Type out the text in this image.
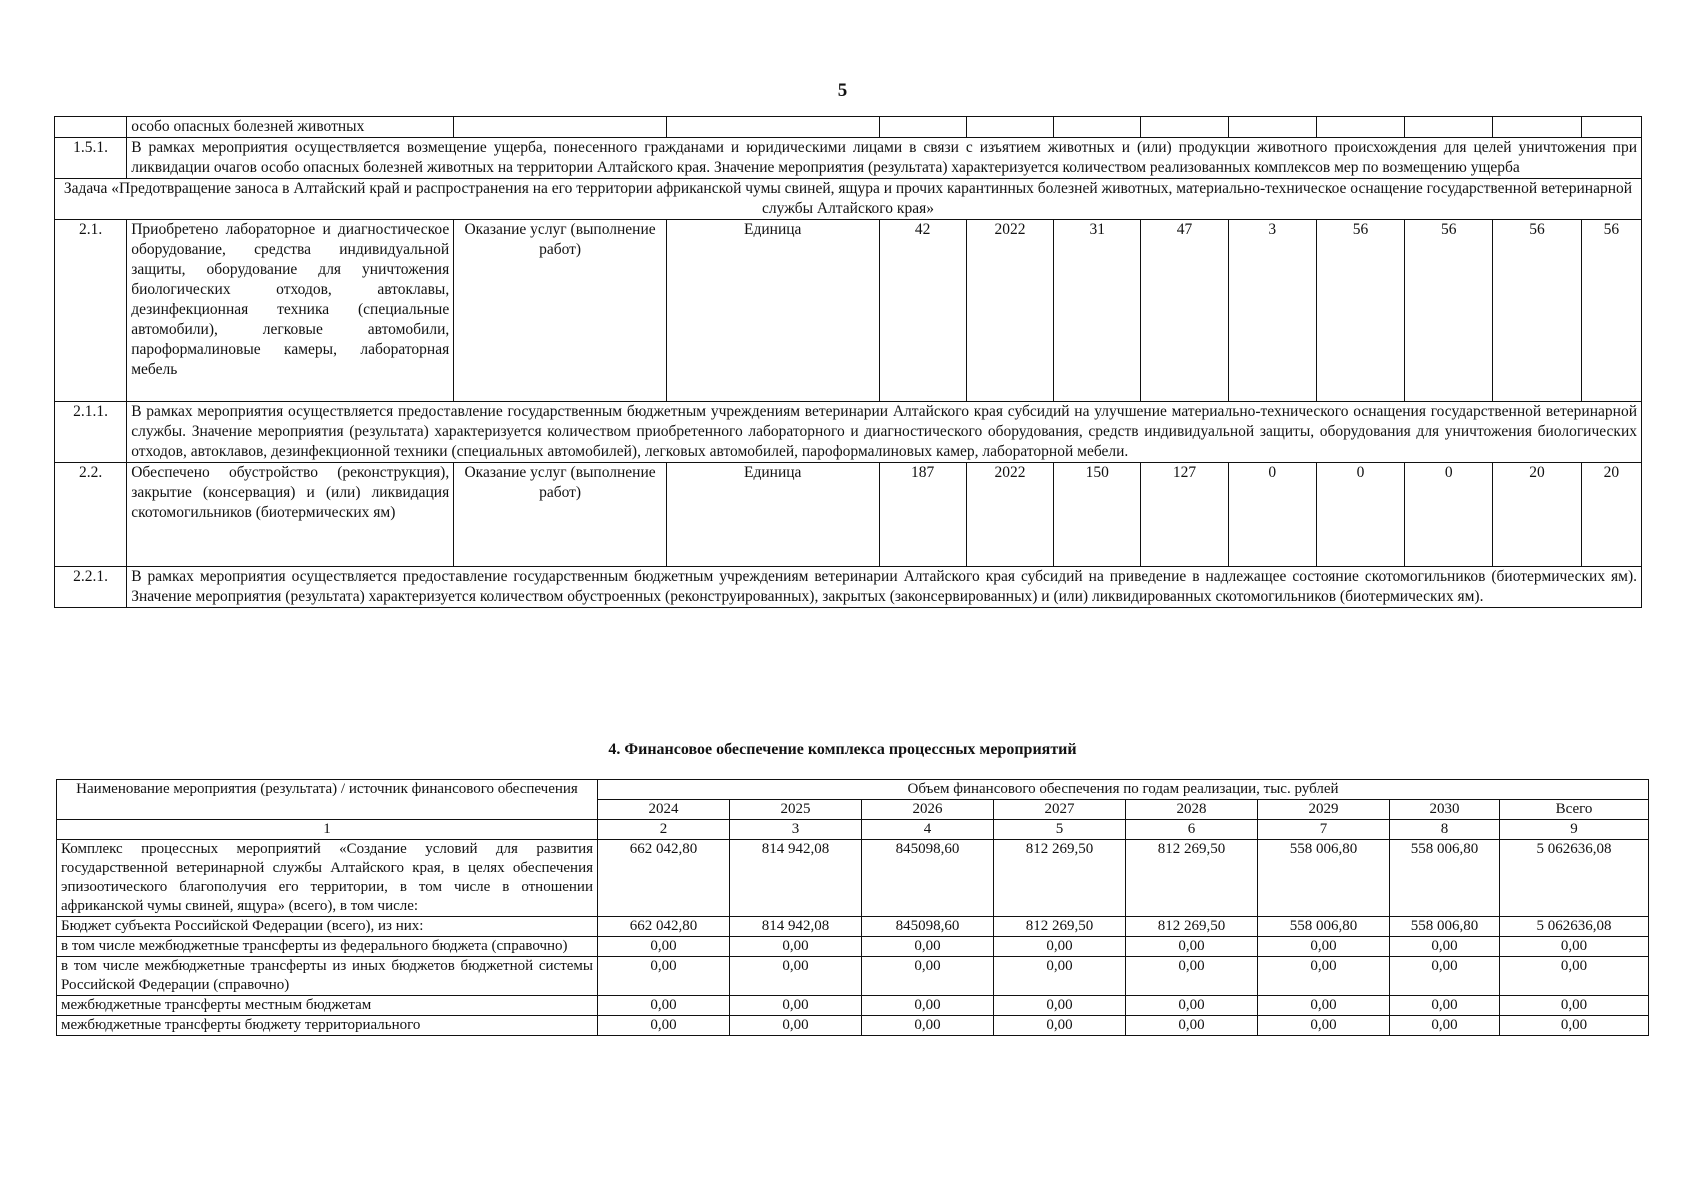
5
	особо опасных болезней животных											
1.5.1.	В рамках мероприятия осуществляется возмещение ущерба, понесенного гражданами и юридическими лицами в связи с изъятием животных и (или) продукции животного происхождения для целей уничтожения при ликвидации очагов особо опасных болезней животных на территории Алтайского края. Значение мероприятия (результата) характеризуется количеством реализованных комплексов мер по возмещению ущерба											
Задача «Предотвращение заноса в Алтайский край и распространения на его территории африканской чумы свиней, ящура и прочих карантинных болезней животных, материально-техническое оснащение государственной ветеринарной службы Алтайского края»												
2.1.	Приобретено лабораторное и диагностическое оборудование, средства индивидуальной защиты, оборудование для уничтожения биологических отходов, автоклавы, дезинфекционная техника (специальные автомобили), легковые автомобили, пароформалиновые камеры, лабораторная мебель	Оказание услуг (выполнение работ)	Единица	42	2022	31	47	3	56	56	56	56
2.1.1.	В рамках мероприятия осуществляется предоставление государственным бюджетным учреждениям ветеринарии Алтайского края субсидий на улучшение материально-технического оснащения государственной ветеринарной службы. Значение мероприятия (результата) характеризуется количеством приобретенного лабораторного и диагностического оборудования, средств индивидуальной защиты, оборудования для уничтожения биологических отходов, автоклавов, дезинфекционной техники (специальных автомобилей), легковых автомобилей, пароформалиновых камер, лабораторной мебели.											
2.2.	Обеспечено обустройство (реконструкция), закрытие (консервация) и (или) ликвидация скотомогильников (биотермических ям)	Оказание услуг (выполнение работ)	Единица	187	2022	150	127	0	0	0	20	20
2.2.1.	В рамках мероприятия осуществляется предоставление государственным бюджетным учреждениям ветеринарии Алтайского края субсидий на приведение в надлежащее состояние скотомогильников (биотермических ям). Значение мероприятия (результата) характеризуется количеством обустроенных (реконструированных), закрытых (законсервированных) и (или) ликвидированных скотомогильников (биотермических ям).											
4. Финансовое обеспечение комплекса процессных мероприятий
Наименование мероприятия (результата) / источник финансового обеспечения	Объем финансового обеспечения по годам реализации, тыс. рублей							
	2024	2025	2026	2027	2028	2029	2030	Всего
1	2	3	4	5	6	7	8	9
Комплекс процессных мероприятий «Создание условий для развития государственной ветеринарной службы Алтайского края, в целях обеспечения эпизоотического благополучия его территории, в том числе в отношении африканской чумы свиней, ящура» (всего), в том числе:	662 042,80	814 942,08	845098,60	812 269,50	812 269,50	558 006,80	558 006,80	5 062636,08
Бюджет субъекта Российской Федерации (всего), из них:	662 042,80	814 942,08	845098,60	812 269,50	812 269,50	558 006,80	558 006,80	5 062636,08
в том числе межбюджетные трансферты из федерального бюджета (справочно)	0,00	0,00	0,00	0,00	0,00	0,00	0,00	0,00
в том числе межбюджетные трансферты из иных бюджетов бюджетной системы Российской Федерации (справочно)	0,00	0,00	0,00	0,00	0,00	0,00	0,00	0,00
межбюджетные трансферты местным бюджетам	0,00	0,00	0,00	0,00	0,00	0,00	0,00	0,00
межбюджетные трансферты бюджету территориального	0,00	0,00	0,00	0,00	0,00	0,00	0,00	0,00
